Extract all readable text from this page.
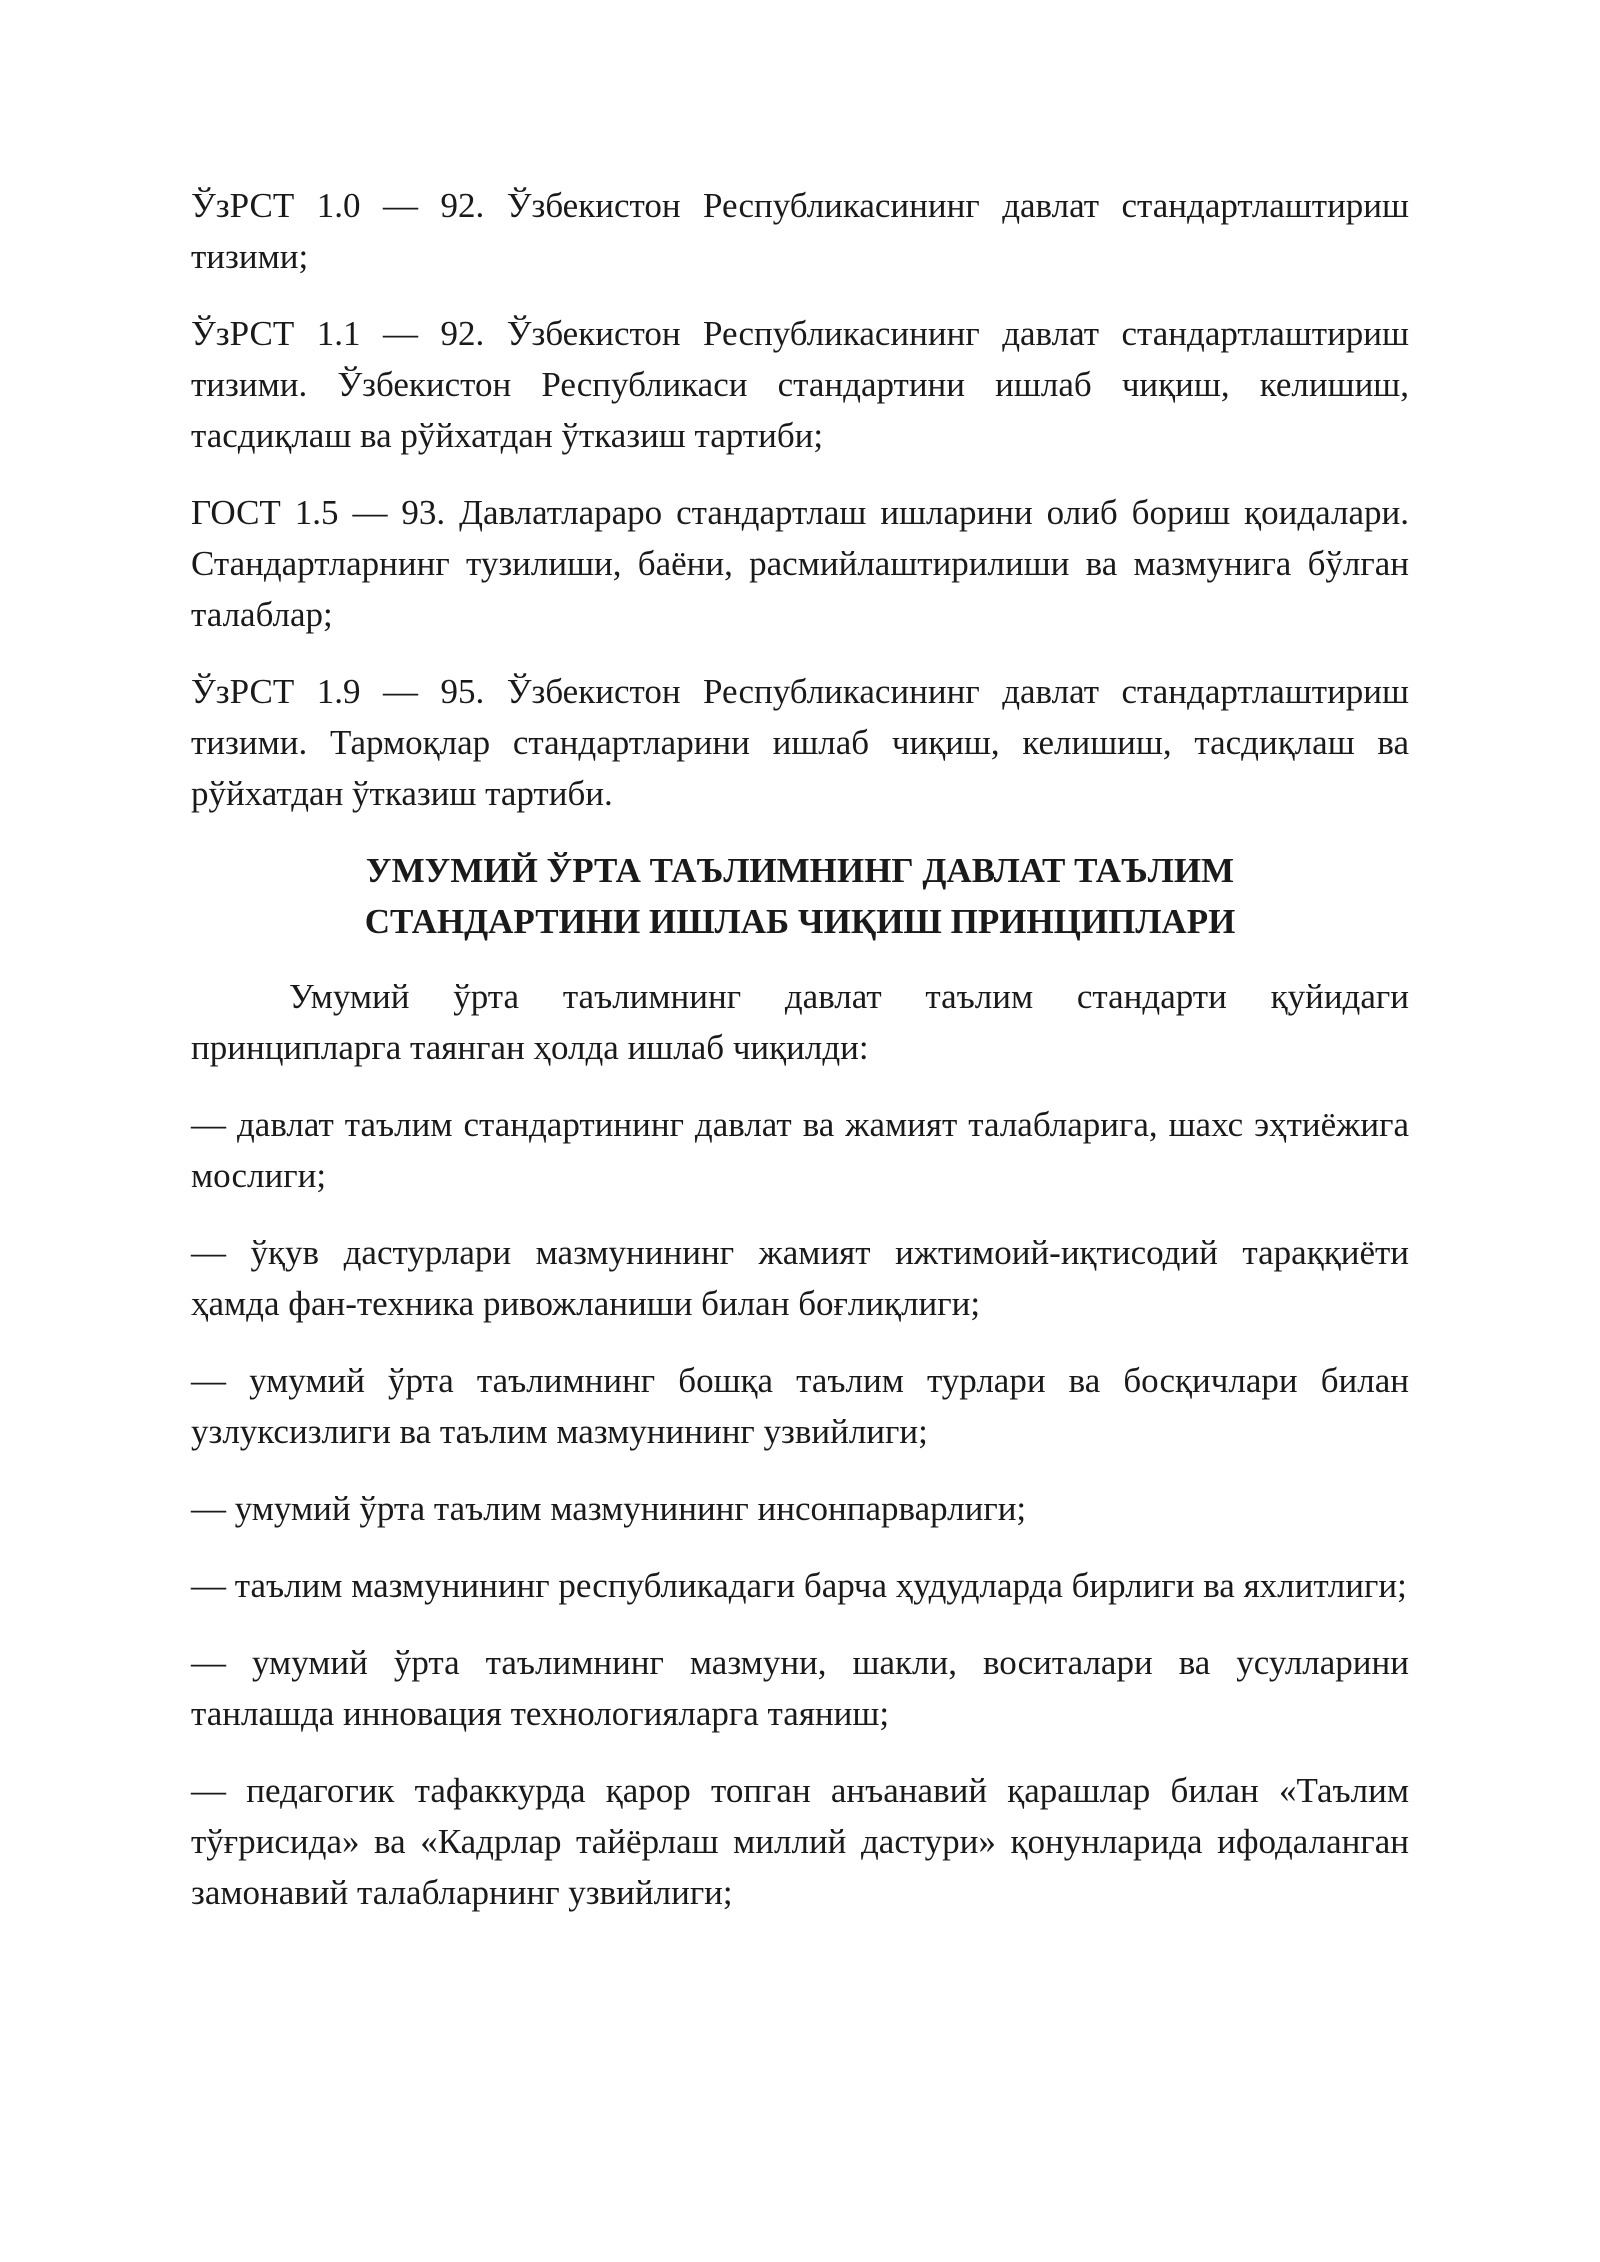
ЎзРСТ 1.0 — 92. Ўзбекистон Республикасининг давлат стандартлаштириш тизими;

ЎзРСТ 1.1 — 92. Ўзбекистон Республикасининг давлат стандартлаштириш тизими. Ўзбекистон Республикаси стандартини ишлаб чиқиш, келишиш, тасдиқлаш ва рўйхатдан ўтказиш тартиби;

ГОСТ 1.5 — 93. Давлатлараро стандартлаш ишларини олиб бориш қоидалари. Стандартларнинг тузилиши, баёни, расмийлаштирилиши ва мазмунига бўлган талаблар;

ЎзРСТ 1.9 — 95. Ўзбекистон Республикасининг давлат стандартлаштириш тизими. Тармоқлар стандартларини ишлаб чиқиш, келишиш, тасдиқлаш ва рўйхатдан ўтказиш тартиби.

УМУМИЙ ЎРТА ТАЪЛИМНИНГ ДАВЛАТ ТАЪЛИМ
СТАНДАРТИНИ ИШЛАБ ЧИҚИШ ПРИНЦИПЛАРИ

Умумий ўрта таълимнинг давлат таълим стандарти қуйидаги принципларга таянган ҳолда ишлаб чиқилди:

— давлат таълим стандартининг давлат ва жамият талабларига, шахс эҳтиёжига мослиги;

— ўқув дастурлари мазмунининг жамият ижтимоий-иқтисодий тараққиёти ҳамда фан-техника ривожланиши билан боғлиқлиги;

— умумий ўрта таълимнинг бошқа таълим турлари ва босқичлари билан узлуксизлиги ва таълим мазмунининг узвийлиги;

— умумий ўрта таълим мазмунининг инсонпарварлиги;

— таълим мазмунининг республикадаги барча ҳудудларда бирлиги ва яхлитлиги;

— умумий ўрта таълимнинг мазмуни, шакли, воситалари ва усулларини танлашда инновация технологияларга таяниш;

— педагогик тафаккурда қарор топган анъанавий қарашлар билан «Таълим тўғрисида» ва «Кадрлар тайёрлаш миллий дастури» қонунларида ифодаланган замонавий талабларнинг узвийлиги;
